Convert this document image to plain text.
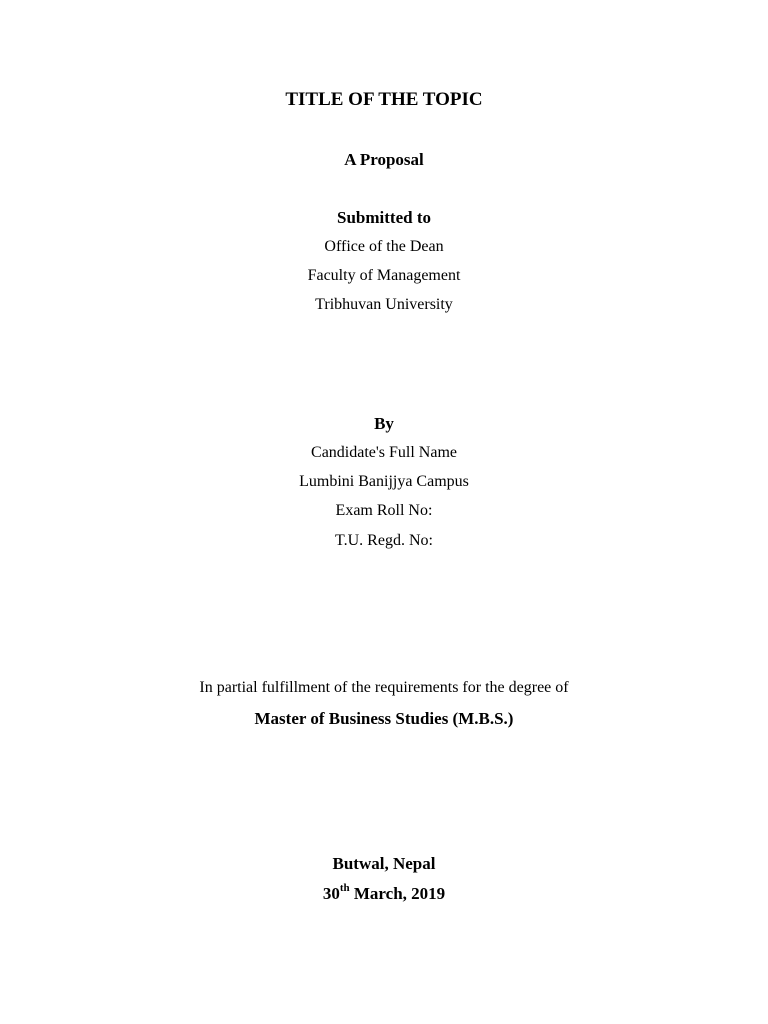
TITLE OF THE TOPIC
A Proposal
Submitted to
Office of the Dean
Faculty of Management
Tribhuvan University
By
Candidate's Full Name
Lumbini Banijjya Campus
Exam Roll No:
T.U. Regd. No:
In partial fulfillment of the requirements for the degree of
Master of Business Studies (M.B.S.)
Butwal, Nepal
30th March, 2019
